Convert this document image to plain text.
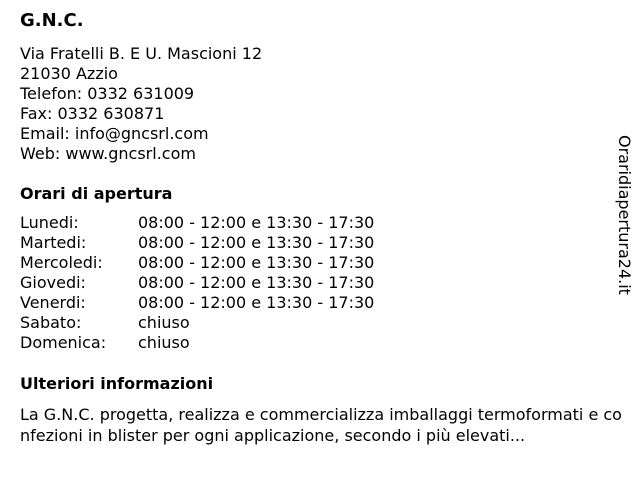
G.N.C.
Via Fratelli B. E U. Mascioni 12
21030 Azzio
Telefon: 0332 631009
Fax: 0332 630871
Email: info@gncsrl.com
Web: www.gncsrl.com
Orari di apertura
Lunedi:	08:00 - 12:00 e 13:30 - 17:30
Martedi:	08:00 - 12:00 e 13:30 - 17:30
Mercoledi: 08:00 - 12:00 e 13:30 - 17:30
Giovedi:	08:00 - 12:00 e 13:30 - 17:30
Venerdi:	08:00 - 12:00 e 13:30 - 17:30
Sabato:	chiuso
Domenica: chiuso
Ulteriori informazioni
La G.N.C. progetta, realizza e commercializza imballaggi termoformati e confezioni in blister per ogni applicazione, secondo i più elevati...
Oraridiapertura24.it
